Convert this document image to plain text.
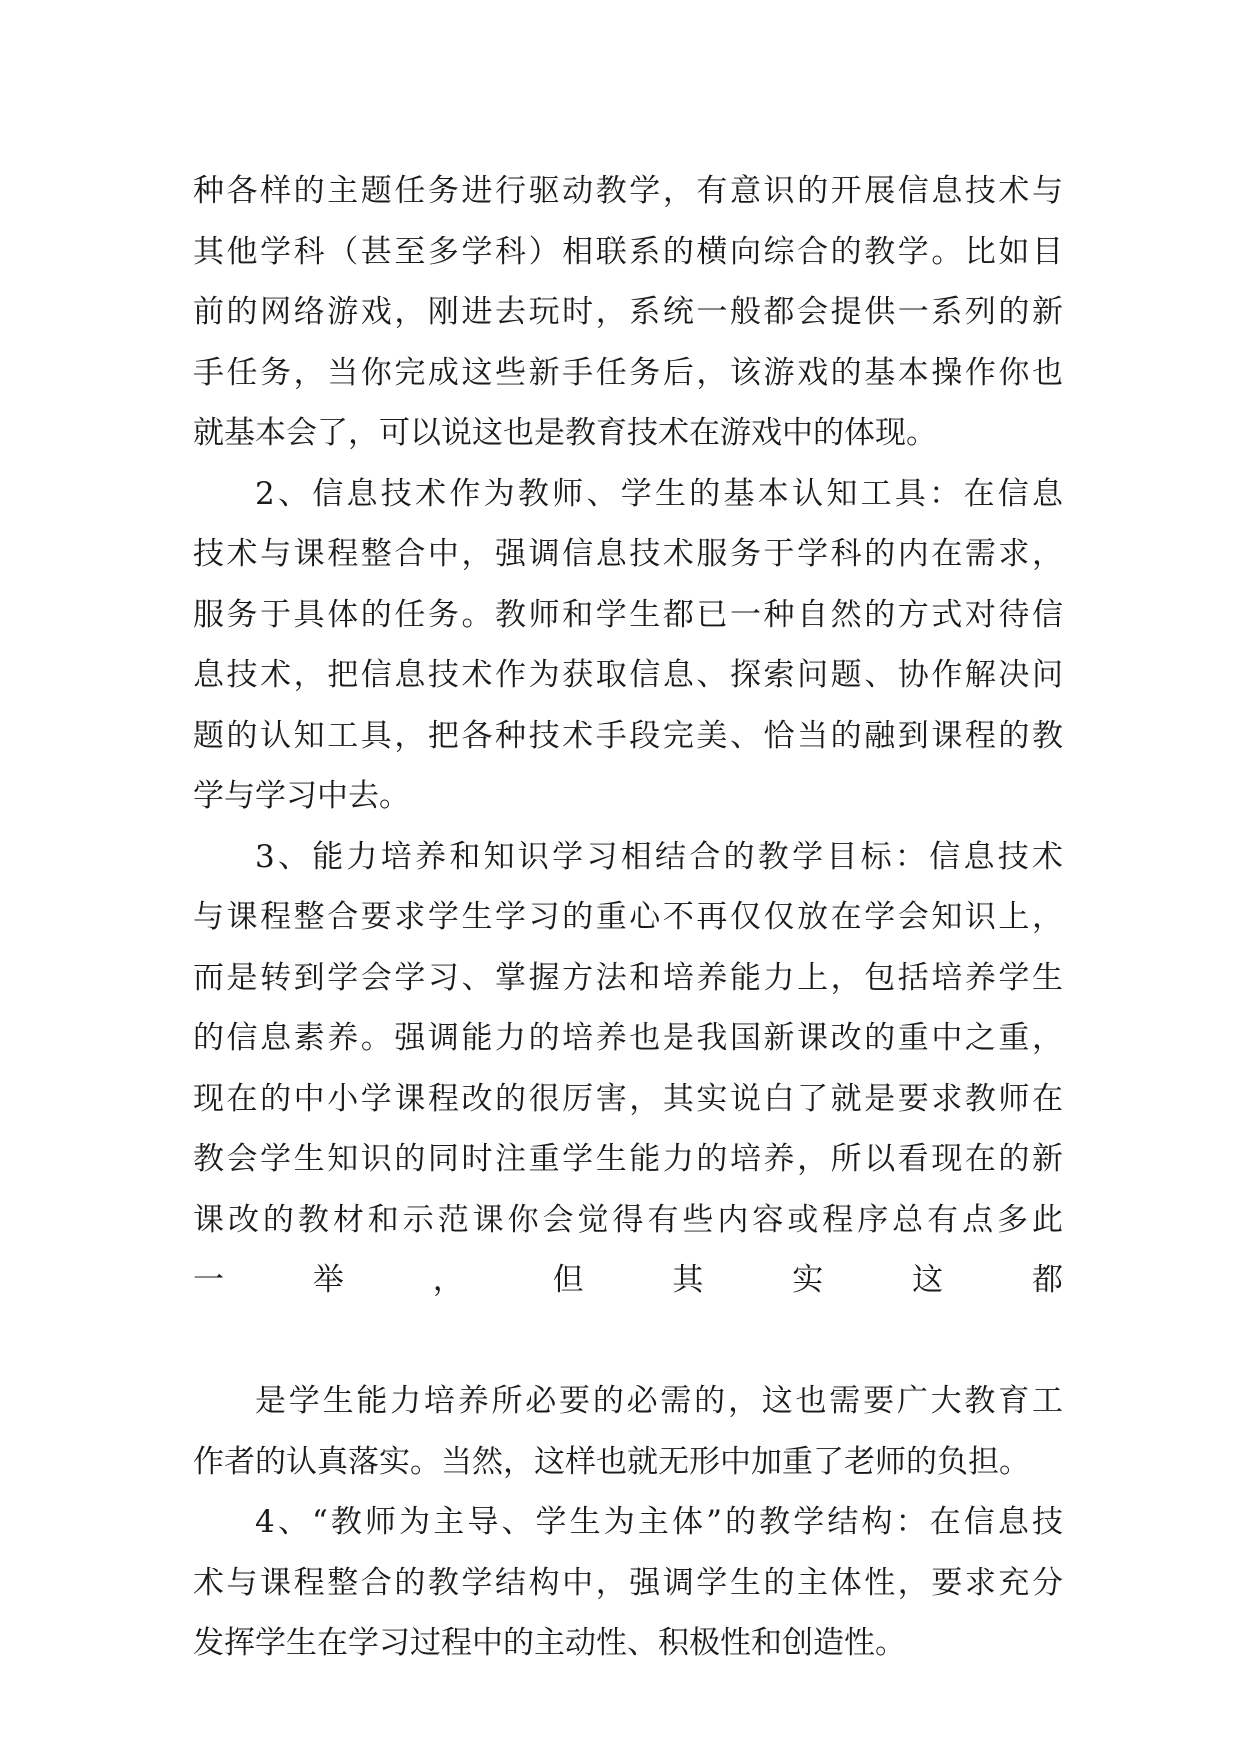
种各样的主题任务进行驱动教学，有意识的开展信息技术与
其他学科（甚至多学科）相联系的横向综合的教学。比如目
前的网络游戏，刚进去玩时，系统一般都会提供一系列的新
手任务，当你完成这些新手任务后，该游戏的基本操作你也
就基本会了，可以说这也是教育技术在游戏中的体现。
2、信息技术作为教师、学生的基本认知工具：在信息
技术与课程整合中，强调信息技术服务于学科的内在需求，
服务于具体的任务。教师和学生都已一种自然的方式对待信
息技术，把信息技术作为获取信息、探索问题、协作解决问
题的认知工具，把各种技术手段完美、恰当的融到课程的教
学与学习中去。
3、能力培养和知识学习相结合的教学目标：信息技术
与课程整合要求学生学习的重心不再仅仅放在学会知识上，
而是转到学会学习、掌握方法和培养能力上，包括培养学生
的信息素养。强调能力的培养也是我国新课改的重中之重，
现在的中小学课程改的很厉害，其实说白了就是要求教师在
教会学生知识的同时注重学生能力的培养，所以看现在的新
课改的教材和示范课你会觉得有些内容或程序总有点多此
一举，但其实这都
是学生能力培养所必要的必需的，这也需要广大教育工
作者的认真落实。当然，这样也就无形中加重了老师的负担。
4、“教师为主导、学生为主体”的教学结构：在信息技
术与课程整合的教学结构中，强调学生的主体性，要求充分
发挥学生在学习过程中的主动性、积极性和创造性。
